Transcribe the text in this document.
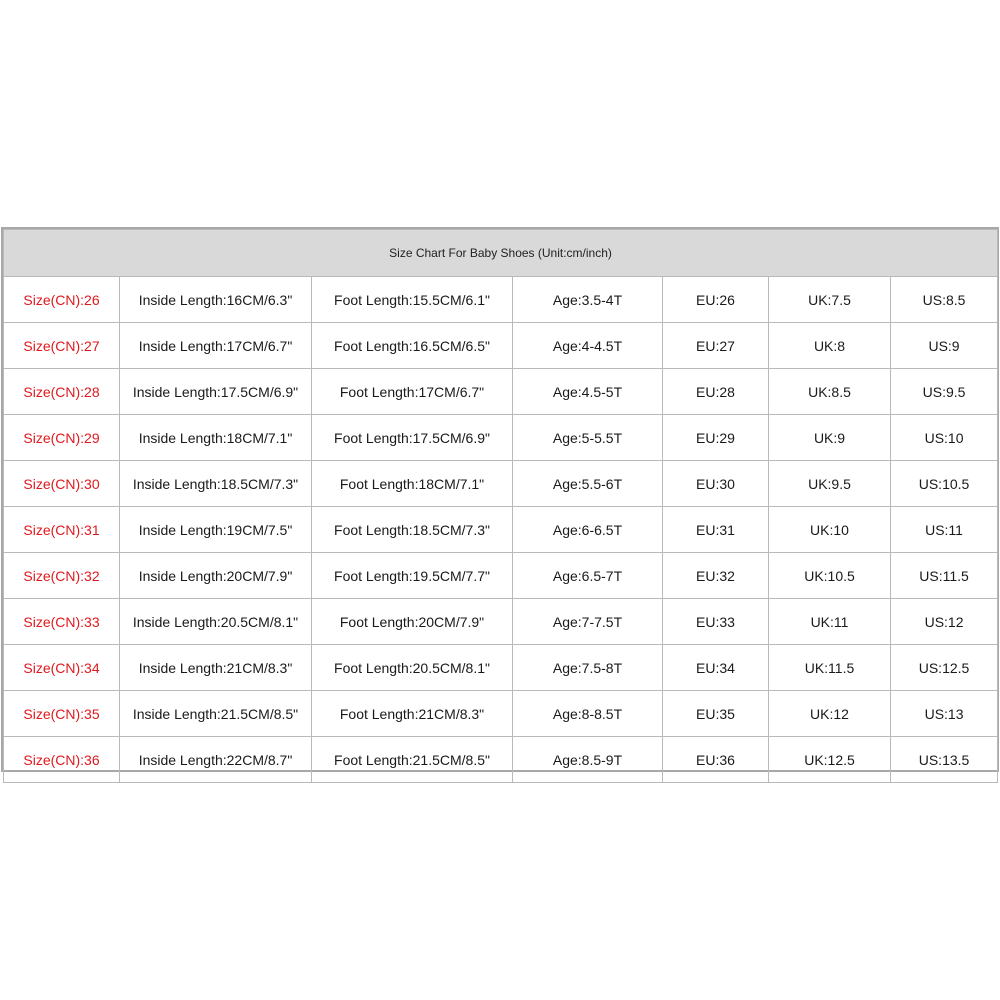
Size Chart For Baby Shoes (Unit:cm/inch)						
Size(CN):26	Inside Length:16CM/6.3"	Foot Length:15.5CM/6.1"	Age:3.5-4T	EU:26	UK:7.5	US:8.5
Size(CN):27	Inside Length:17CM/6.7"	Foot Length:16.5CM/6.5"	Age:4-4.5T	EU:27	UK:8	US:9
Size(CN):28	Inside Length:17.5CM/6.9"	Foot Length:17CM/6.7"	Age:4.5-5T	EU:28	UK:8.5	US:9.5
Size(CN):29	Inside Length:18CM/7.1"	Foot Length:17.5CM/6.9"	Age:5-5.5T	EU:29	UK:9	US:10
Size(CN):30	Inside Length:18.5CM/7.3"	Foot Length:18CM/7.1"	Age:5.5-6T	EU:30	UK:9.5	US:10.5
Size(CN):31	Inside Length:19CM/7.5"	Foot Length:18.5CM/7.3"	Age:6-6.5T	EU:31	UK:10	US:11
Size(CN):32	Inside Length:20CM/7.9"	Foot Length:19.5CM/7.7"	Age:6.5-7T	EU:32	UK:10.5	US:11.5
Size(CN):33	Inside Length:20.5CM/8.1"	Foot Length:20CM/7.9"	Age:7-7.5T	EU:33	UK:11	US:12
Size(CN):34	Inside Length:21CM/8.3"	Foot Length:20.5CM/8.1"	Age:7.5-8T	EU:34	UK:11.5	US:12.5
Size(CN):35	Inside Length:21.5CM/8.5"	Foot Length:21CM/8.3"	Age:8-8.5T	EU:35	UK:12	US:13
Size(CN):36	Inside Length:22CM/8.7"	Foot Length:21.5CM/8.5"	Age:8.5-9T	EU:36	UK:12.5	US:13.5
